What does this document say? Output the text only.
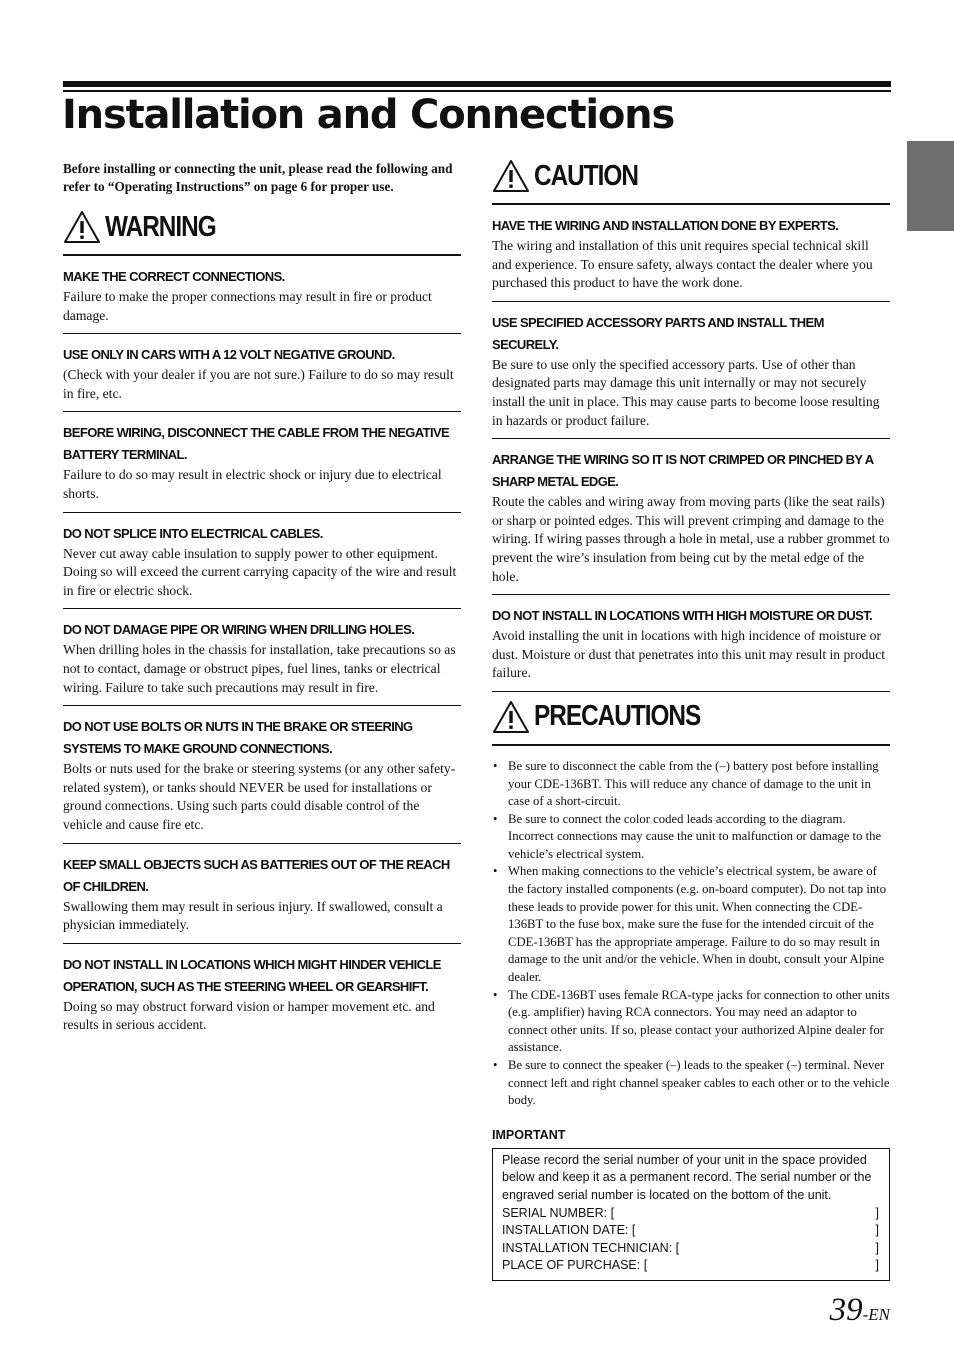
Installation and Connections

Before installing or connecting the unit, please read the following and refer to “Operating Instructions” on page 6 for proper use.

WARNING

MAKE THE CORRECT CONNECTIONS.

Failure to make the proper connections may result in fire or product damage.

USE ONLY IN CARS WITH A 12 VOLT NEGATIVE GROUND.

(Check with your dealer if you are not sure.) Failure to do so may result in fire, etc.

BEFORE WIRING, DISCONNECT THE CABLE FROM THE NEGATIVE BATTERY TERMINAL.

Failure to do so may result in electric shock or injury due to electrical shorts.

DO NOT SPLICE INTO ELECTRICAL CABLES.

Never cut away cable insulation to supply power to other equipment. Doing so will exceed the current carrying capacity of the wire and result in fire or electric shock.

DO NOT DAMAGE PIPE OR WIRING WHEN DRILLING HOLES.

When drilling holes in the chassis for installation, take precautions so as not to contact, damage or obstruct pipes, fuel lines, tanks or electrical wiring. Failure to take such precautions may result in fire.

DO NOT USE BOLTS OR NUTS IN THE BRAKE OR STEERING SYSTEMS TO MAKE GROUND CONNECTIONS.

Bolts or nuts used for the brake or steering systems (or any other safety-related system), or tanks should NEVER be used for installations or ground connections. Using such parts could disable control of the vehicle and cause fire etc.

KEEP SMALL OBJECTS SUCH AS BATTERIES OUT OF THE REACH OF CHILDREN.

Swallowing them may result in serious injury. If swallowed, consult a physician immediately.

DO NOT INSTALL IN LOCATIONS WHICH MIGHT HINDER VEHICLE OPERATION, SUCH AS THE STEERING WHEEL OR GEARSHIFT.

Doing so may obstruct forward vision or hamper movement etc. and results in serious accident.

CAUTION

HAVE THE WIRING AND INSTALLATION DONE BY EXPERTS.

The wiring and installation of this unit requires special technical skill and experience. To ensure safety, always contact the dealer where you purchased this product to have the work done.

USE SPECIFIED ACCESSORY PARTS AND INSTALL THEM SECURELY.

Be sure to use only the specified accessory parts. Use of other than designated parts may damage this unit internally or may not securely install the unit in place. This may cause parts to become loose resulting in hazards or product failure.

ARRANGE THE WIRING SO IT IS NOT CRIMPED OR PINCHED BY A SHARP METAL EDGE.

Route the cables and wiring away from moving parts (like the seat rails) or sharp or pointed edges. This will prevent crimping and damage to the wiring. If wiring passes through a hole in metal, use a rubber grommet to prevent the wire’s insulation from being cut by the metal edge of the hole.

DO NOT INSTALL IN LOCATIONS WITH HIGH MOISTURE OR DUST.

Avoid installing the unit in locations with high incidence of moisture or dust. Moisture or dust that penetrates into this unit may result in product failure.

PRECAUTIONS
• Be sure to disconnect the cable from the (–) battery post before installing your CDE-136BT. This will reduce any chance of damage to the unit in case of a short-circuit.
• Be sure to connect the color coded leads according to the diagram. Incorrect connections may cause the unit to malfunction or damage to the vehicle’s electrical system.
• When making connections to the vehicle’s electrical system, be aware of the factory installed components (e.g. on-board computer). Do not tap into these leads to provide power for this unit. When connecting the CDE-136BT to the fuse box, make sure the fuse for the intended circuit of the CDE-136BT has the appropriate amperage. Failure to do so may result in damage to the unit and/or the vehicle. When in doubt, consult your Alpine dealer.
• The CDE-136BT uses female RCA-type jacks for connection to other units (e.g. amplifier) having RCA connectors. You may need an adaptor to connect other units. If so, please contact your authorized Alpine dealer for assistance.
• Be sure to connect the speaker (–) leads to the speaker (–) terminal. Never connect left and right channel speaker cables to each other or to the vehicle body.
IMPORTANT

Please record the serial number of your unit in the space provided below and keep it as a permanent record. The serial number or the engraved serial number is located on the bottom of the unit.

SERIAL NUMBER: [	]
INSTALLATION DATE: [	]
INSTALLATION TECHNICIAN: [	]
PLACE OF PURCHASE: [	]
39-EN
